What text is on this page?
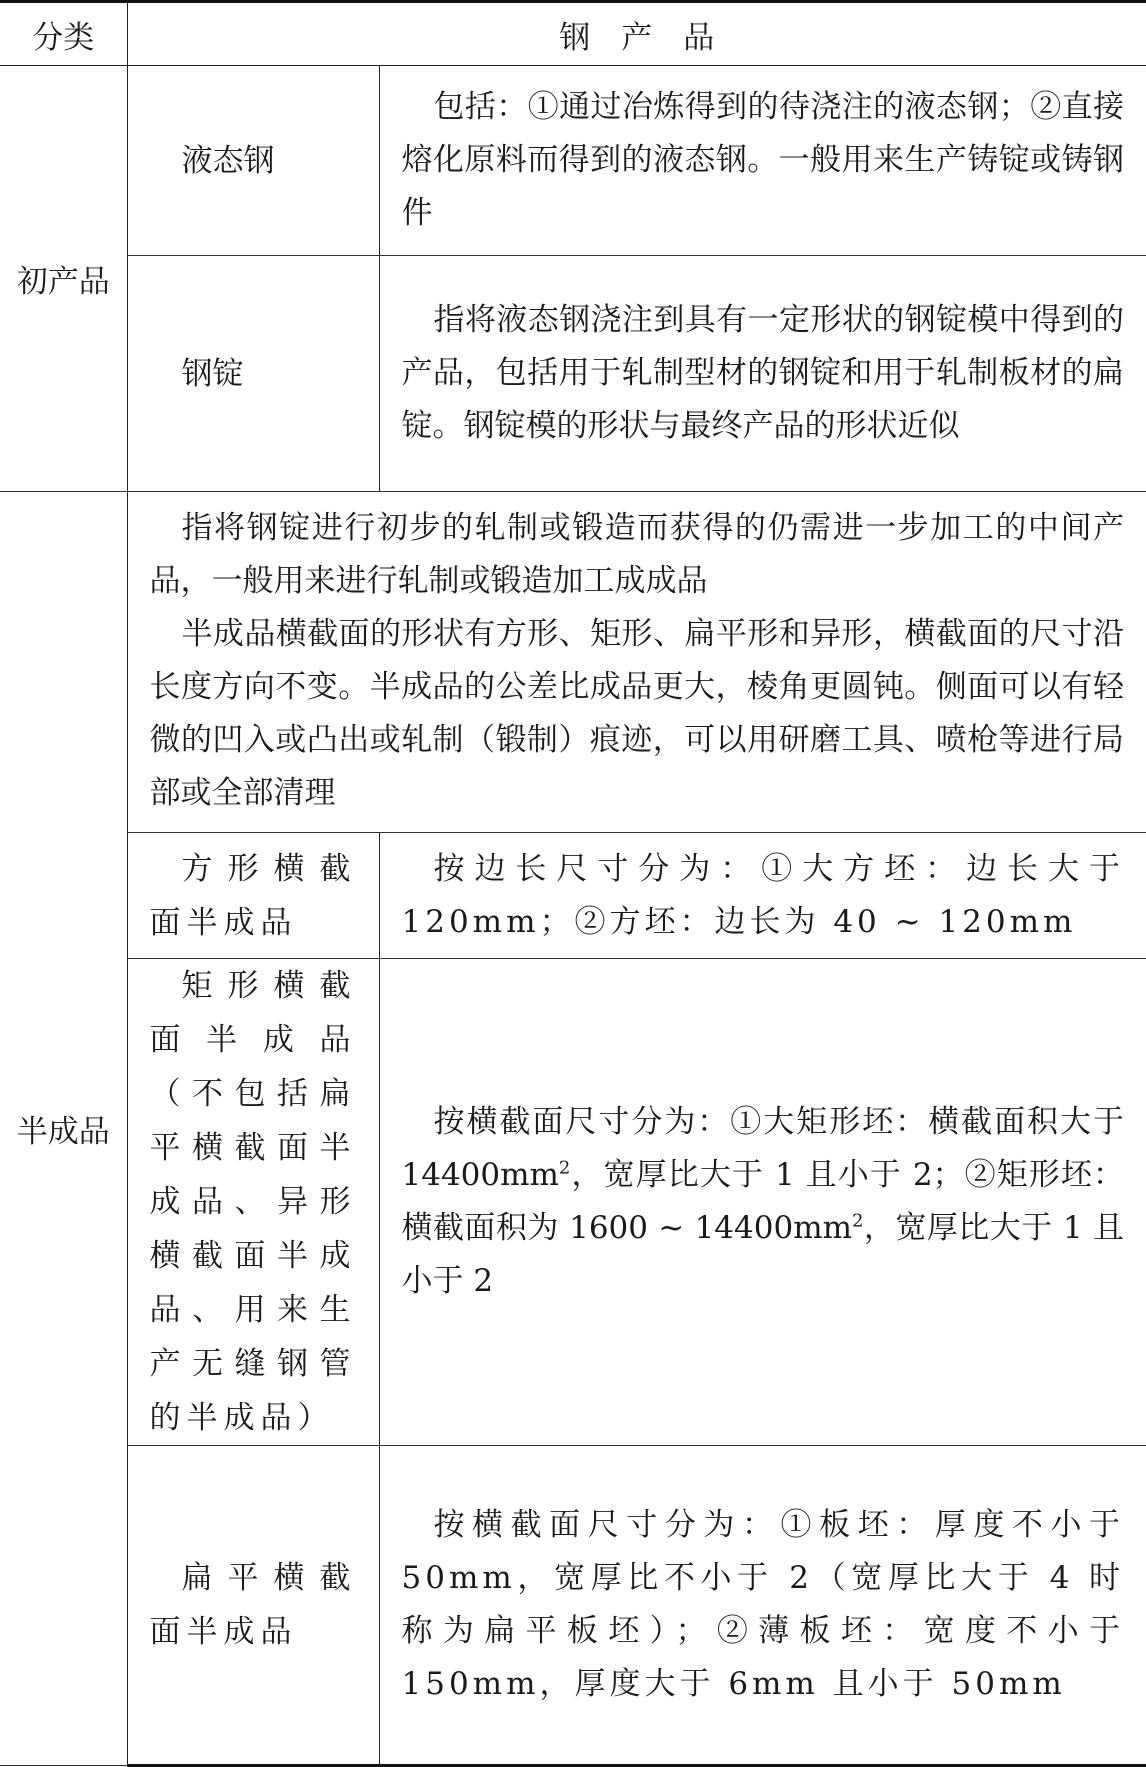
分类	钢　产　品	
初产品	液态钢	包括：①通过冶炼得到的待浇注的液态钢；②直接熔化原料而得到的液态钢。一般用来生产铸锭或铸钢件
	钢锭	指将液态钢浇注到具有一定形状的钢锭模中得到的产品，包括用于轧制型材的钢锭和用于轧制板材的扁锭。钢锭模的形状与最终产品的形状近似
半成品	指将钢锭进行初步的轧制或锻造而获得的仍需进一步加工的中间产品，一般用来进行轧制或锻造加工成成品

半成品横截面的形状有方形、矩形、扁平形和异形，横截面的尺寸沿长度方向不变。半成品的公差比成品更大，棱角更圆钝。侧面可以有轻微的凹入或凸出或轧制（锻制）痕迹，可以用研磨工具、喷枪等进行局部或全部清理	

	方形横截面半成品	按边长尺寸分为：①大方坯：边长大于120mm；②方坯：边长为 40 ~ 120mm
	矩形横截面半成品（不包括扁平横截面半成品、异形横截面半成品、用来生产无缝钢管的半成品）	按横截面尺寸分为：①大矩形坯：横截面积大于 $14400mm^2$，宽厚比大于 1 且小于 2；②矩形坯：横截面积为 1600 ~ $14400mm^2$，宽厚比大于 1 且小于 2
	扁平横截面半成品	按横截面尺寸分为：①板坯：厚度不小于50mm，宽厚比不小于 2（宽厚比大于 4 时称为扁平板坯）；②薄板坯：宽度不小于 150mm，厚度大于 6mm 且小于 50mm
